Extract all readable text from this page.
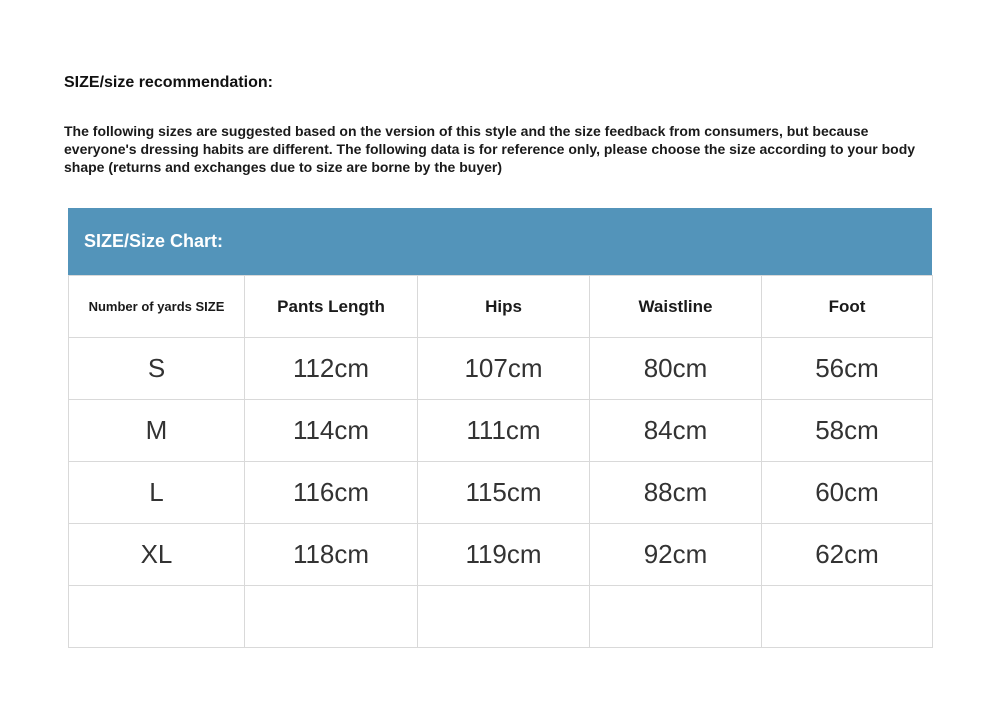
SIZE/size recommendation:
The following sizes are suggested based on the version of this style and the size feedback from consumers, but because everyone's dressing habits are different. The following data is for reference only, please choose the size according to your body shape (returns and exchanges due to size are borne by the buyer)
SIZE/Size Chart:
Number of yards SIZE	Pants Length	Hips	Waistline	Foot
S	112cm	107cm	80cm	56cm
M	114cm	111cm	84cm	58cm
L	116cm	115cm	88cm	60cm
XL	118cm	119cm	92cm	62cm
